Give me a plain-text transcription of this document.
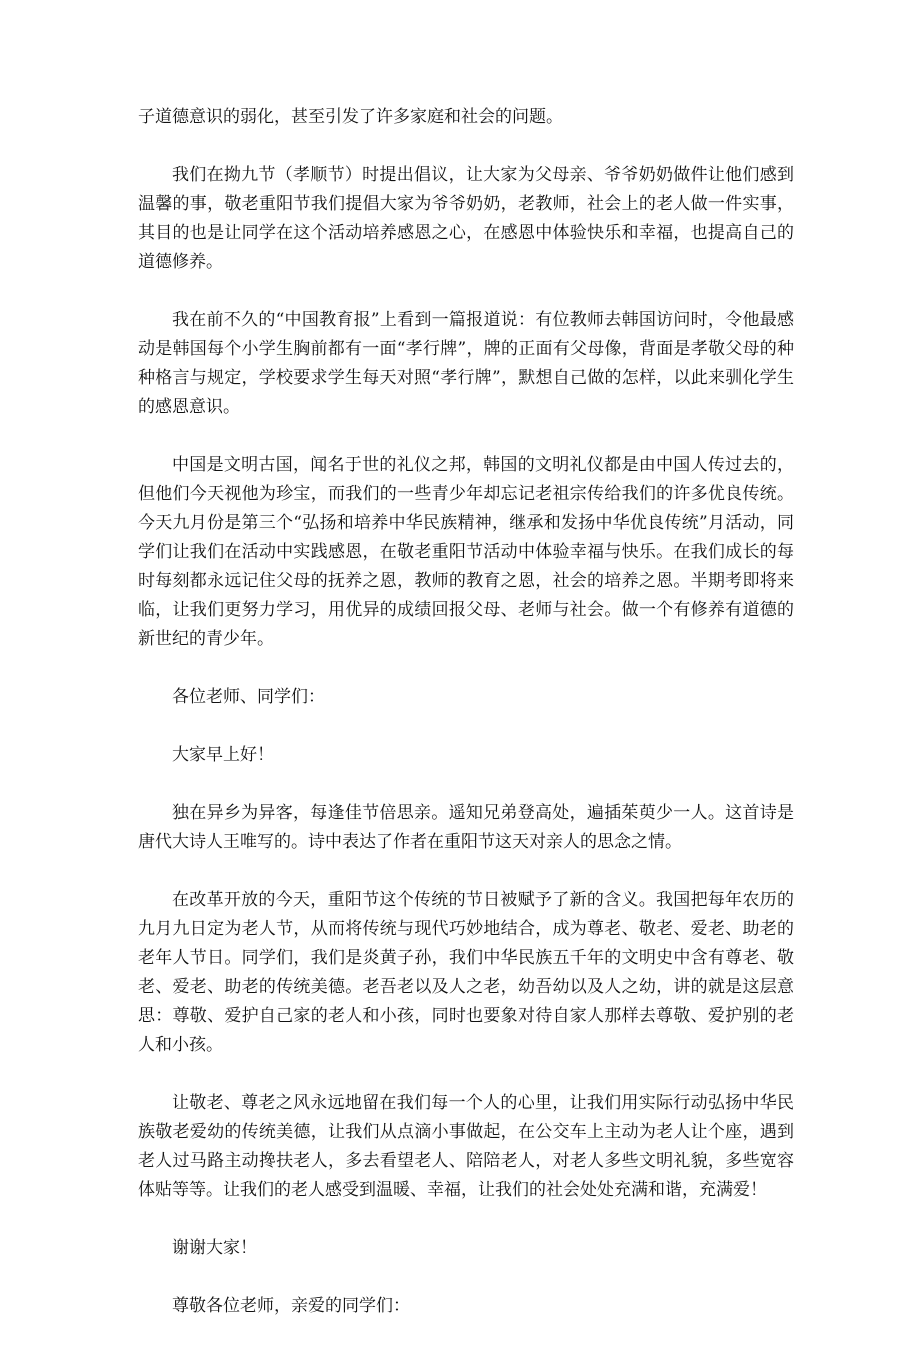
子道德意识的弱化，甚至引发了许多家庭和社会的问题。

我们在拗九节（孝顺节）时提出倡议，让大家为父母亲、爷爷奶奶做件让他们感到温馨的事，敬老重阳节我们提倡大家为爷爷奶奶，老教师，社会上的老人做一件实事，其目的也是让同学在这个活动培养感恩之心，在感恩中体验快乐和幸福，也提高自己的道德修养。

我在前不久的“中国教育报”上看到一篇报道说：有位教师去韩国访问时，令他最感动是韩国每个小学生胸前都有一面“孝行牌”，牌的正面有父母像，背面是孝敬父母的种种格言与规定，学校要求学生每天对照“孝行牌”，默想自己做的怎样，以此来驯化学生的感恩意识。

中国是文明古国，闻名于世的礼仪之邦，韩国的文明礼仪都是由中国人传过去的，但他们今天视他为珍宝，而我们的一些青少年却忘记老祖宗传给我们的许多优良传统。今天九月份是第三个“弘扬和培养中华民族精神，继承和发扬中华优良传统”月活动，同学们让我们在活动中实践感恩，在敬老重阳节活动中体验幸福与快乐。在我们成长的每时每刻都永远记住父母的抚养之恩，教师的教育之恩，社会的培养之恩。半期考即将来临，让我们更努力学习，用优异的成绩回报父母、老师与社会。做一个有修养有道德的新世纪的青少年。

各位老师、同学们：

大家早上好！

独在异乡为异客，每逢佳节倍思亲。遥知兄弟登高处，遍插茱萸少一人。这首诗是唐代大诗人王唯写的。诗中表达了作者在重阳节这天对亲人的思念之情。

在改革开放的今天，重阳节这个传统的节日被赋予了新的含义。我国把每年农历的九月九日定为老人节，从而将传统与现代巧妙地结合，成为尊老、敬老、爱老、助老的老年人节日。同学们，我们是炎黄子孙，我们中华民族五千年的文明史中含有尊老、敬老、爱老、助老的传统美德。老吾老以及人之老，幼吾幼以及人之幼，讲的就是这层意思：尊敬、爱护自己家的老人和小孩，同时也要象对待自家人那样去尊敬、爱护别的老人和小孩。

让敬老、尊老之风永远地留在我们每一个人的心里，让我们用实际行动弘扬中华民族敬老爱幼的传统美德，让我们从点滴小事做起，在公交车上主动为老人让个座，遇到老人过马路主动搀扶老人，多去看望老人、陪陪老人，对老人多些文明礼貌，多些宽容体贴等等。让我们的老人感受到温暖、幸福，让我们的社会处处充满和谐，充满爱！

谢谢大家！

尊敬各位老师，亲爱的同学们：
